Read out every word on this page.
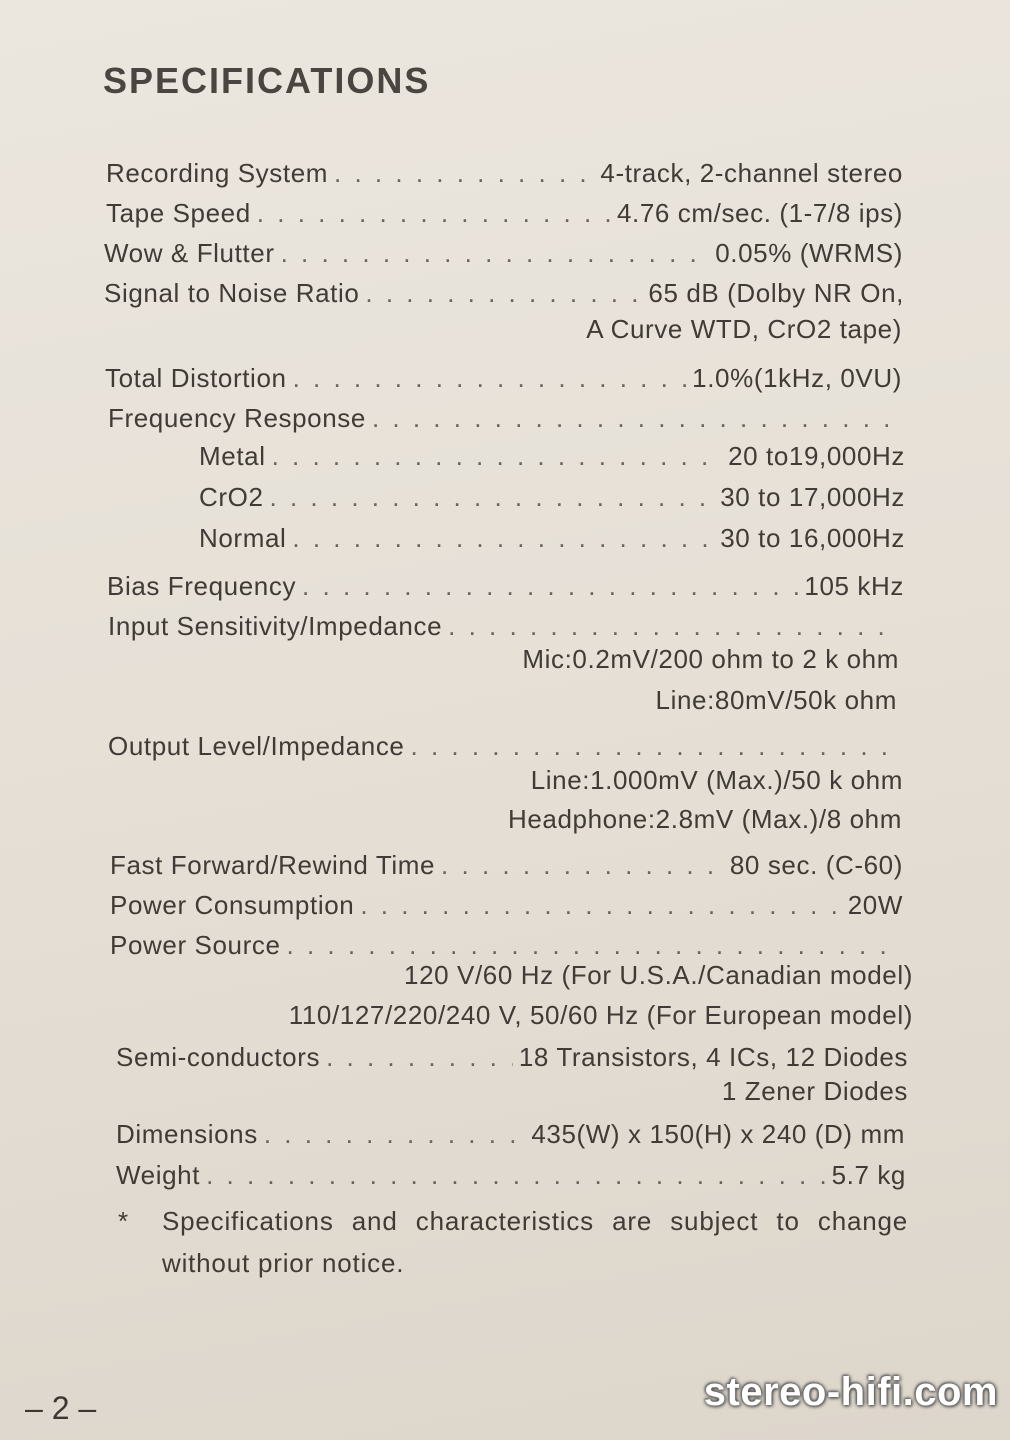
SPECIFICATIONS
Recording System . . .	4-track, 2-channel stereo
Tape Speed . . .	4.76 cm/sec. (1-7/8 ips)
Wow & Flutter . . .	0.05% (WRMS)
Signal to Noise Ratio . . .	65 dB (Dolby NR On,
A Curve WTD, CrO2 tape)
Total Distortion . . .	1.0%(1kHz, 0VU)
Frequency Response
. . .
Metal . . .	20 to19,000Hz
CrO2 . . .	30 to 17,000Hz
Normal . . .	30 to 16,000Hz
Bias Frequency . . .	105 kHz
Input Sensitivity/Impedance
. . .
Mic:0.2mV/200 ohm to 2 k ohm
Line:80mV/50k ohm
Output Level/Impedance
. . .
Line:1.000mV (Max.)/50 k ohm
Headphone:2.8mV (Max.)/8 ohm
Fast Forward/Rewind Time . . .	80 sec. (C-60)
Power Consumption . . .	20W
Power Source
. . .
120 V/60 Hz (For U.S.A./Canadian model)
110/127/220/240 V, 50/60 Hz (For European model)
Semi-conductors . . .	18 Transistors, 4 ICs, 12 Diodes
1 Zener Diodes
Dimensions . . .	435(W) x 150(H) x 240 (D) mm
Weight . . .	5.7 kg
* Specifications and characteristics are subject to change without prior notice.
– 2 –	stereo-hifi.com
